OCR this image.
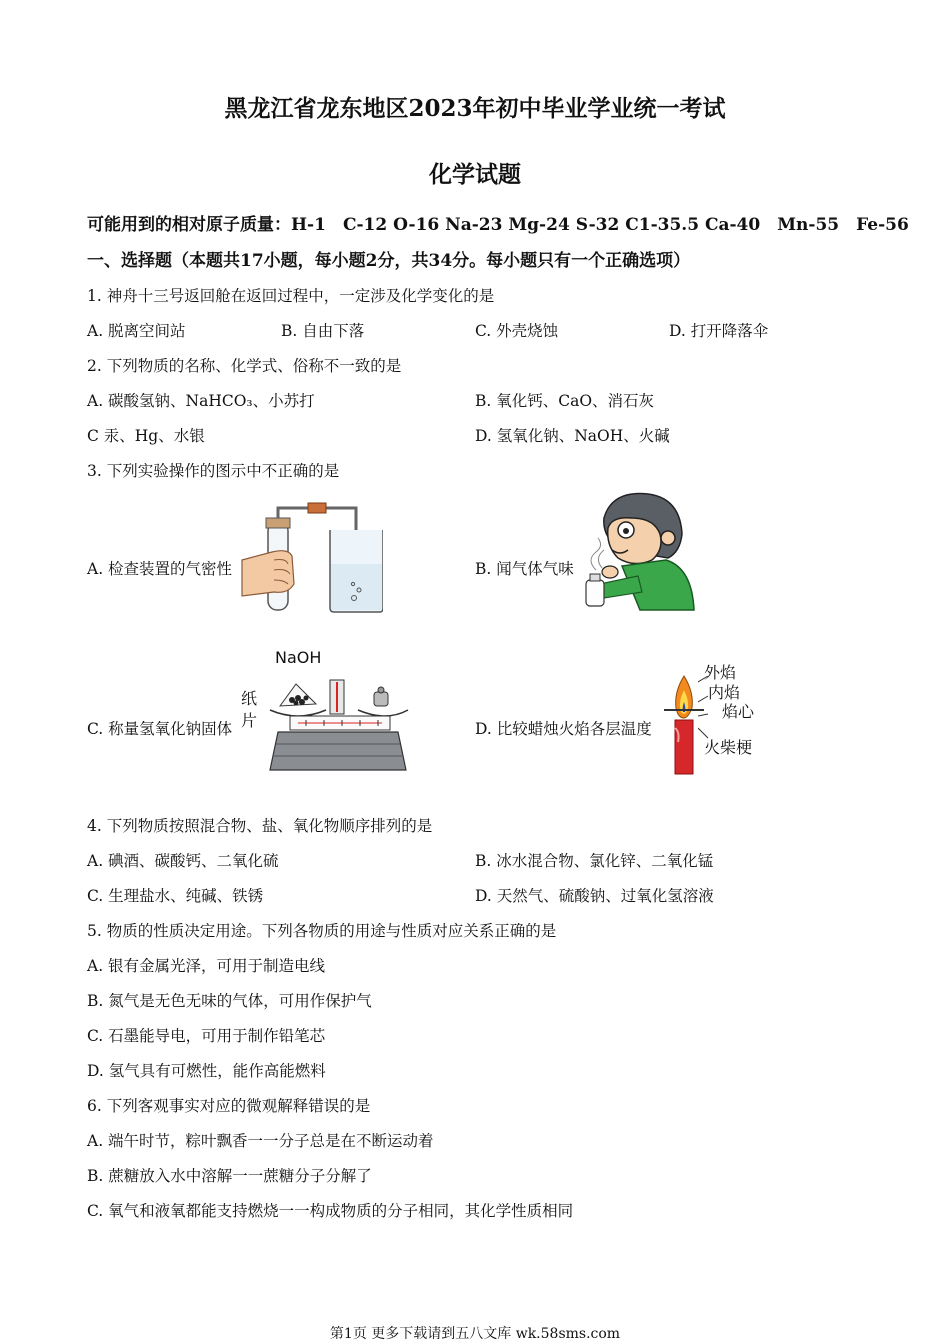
黑龙江省龙东地区2023年初中毕业学业统一考试
化学试题
可能用到的相对原子质量：H-1　C-12 O-16 Na-23 Mg-24 S-32 C1-35.5 Ca-40　Mn-55　Fe-56
一、选择题（本题共17小题，每小题2分，共34分。每小题只有一个正确选项）
1. 神舟十三号返回舱在返回过程中，一定涉及化学变化的是
A. 脱离空间站	B. 自由下落	C. 外壳烧蚀	D. 打开降落伞
2. 下列物质的名称、化学式、俗称不一致的是
A. 碳酸氢钠、NaHCO₃、小苏打	B. 氧化钙、CaO、消石灰
C 汞、Hg、水银	D. 氢氧化钠、NaOH、火碱
3. 下列实验操作的图示中不正确的是
A. 检查装置的气密性	B. 闻气体气味
C. 称量氢氧化钠固体	D. 比较蜡烛火焰各层温度
NaOH
纸
片
外焰
内焰
焰心
火柴梗
4. 下列物质按照混合物、盐、氧化物顺序排列的是
A. 碘酒、碳酸钙、二氧化硫	B. 冰水混合物、氯化锌、二氧化锰
C. 生理盐水、纯碱、铁锈	D. 天然气、硫酸钠、过氧化氢溶液
5. 物质的性质决定用途。下列各物质的用途与性质对应关系正确的是
A. 银有金属光泽，可用于制造电线
B. 氮气是无色无味的气体，可用作保护气
C. 石墨能导电，可用于制作铅笔芯
D. 氢气具有可燃性，能作高能燃料
6. 下列客观事实对应的微观解释错误的是
A. 端午时节，粽叶飘香一一分子总是在不断运动着
B. 蔗糖放入水中溶解一一蔗糖分子分解了
C. 氧气和液氧都能支持燃烧一一构成物质的分子相同，其化学性质相同
第1页 更多下载请到五八文库 wk.58sms.com
